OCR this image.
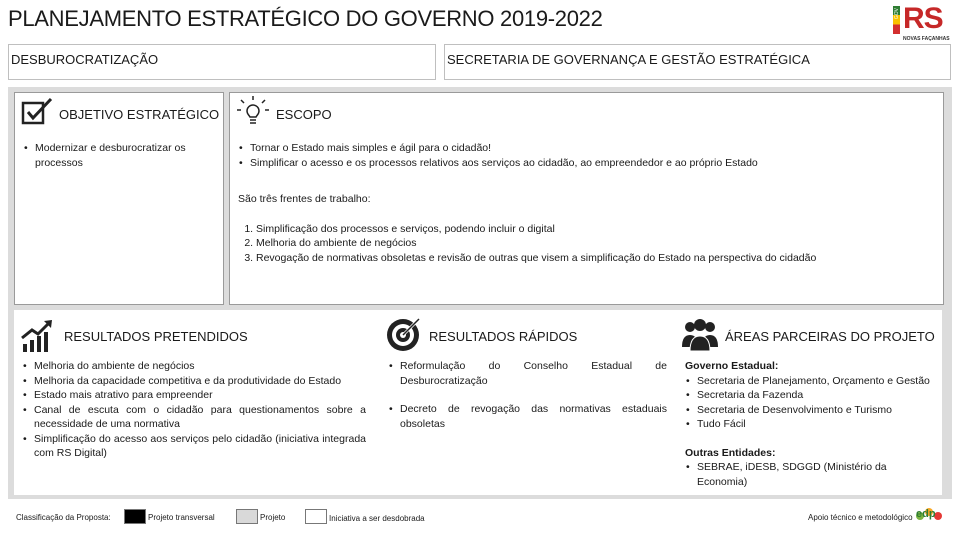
PLANEJAMENTO ESTRATÉGICO DO GOVERNO 2019-2022	GOV RS
NOVAS FAÇANHAS
DESBUROCRATIZAÇÃO	SECRETARIA DE GOVERNANÇA E GESTÃO ESTRATÉGICA
OBJETIVO ESTRATÉGICO
• Modernizar e desburocratizar os processos
ESCOPO
• Tornar o Estado mais simples e ágil para o cidadão!
• Simplificar o acesso e os processos relativos aos serviços ao cidadão, ao empreendedor e ao próprio Estado
São três frentes de trabalho:
1. Simplificação dos processos e serviços, podendo incluir o digital
2. Melhoria do ambiente de negócios
3. Revogação de normativas obsoletas e revisão de outras que visem a simplificação do Estado na perspectiva do cidadão
RESULTADOS PRETENDIDOS
• Melhoria do ambiente de negócios
• Melhoria da capacidade competitiva e da produtividade do Estado
• Estado mais atrativo para empreender
• Canal de escuta com o cidadão para questionamentos sobre a necessidade de uma normativa
• Simplificação do acesso aos serviços pelo cidadão (iniciativa integrada com RS Digital)
RESULTADOS RÁPIDOS
• Reformulação do Conselho Estadual de Desburocratização
• Decreto de revogação das normativas estaduais obsoletas
ÁREAS PARCEIRAS DO PROJETO
Governo Estadual:
• Secretaria de Planejamento, Orçamento e Gestão
• Secretaria da Fazenda
• Secretaria de Desenvolvimento e Turismo
• Tudo Fácil
Outras Entidades:
• SEBRAE, iDESB, SDGGD (Ministério da Economia)
Classificação da Proposta:	Projeto transversal	Projeto	Iniciativa a ser desdobrada	Apoio técnico e metodológico edp
